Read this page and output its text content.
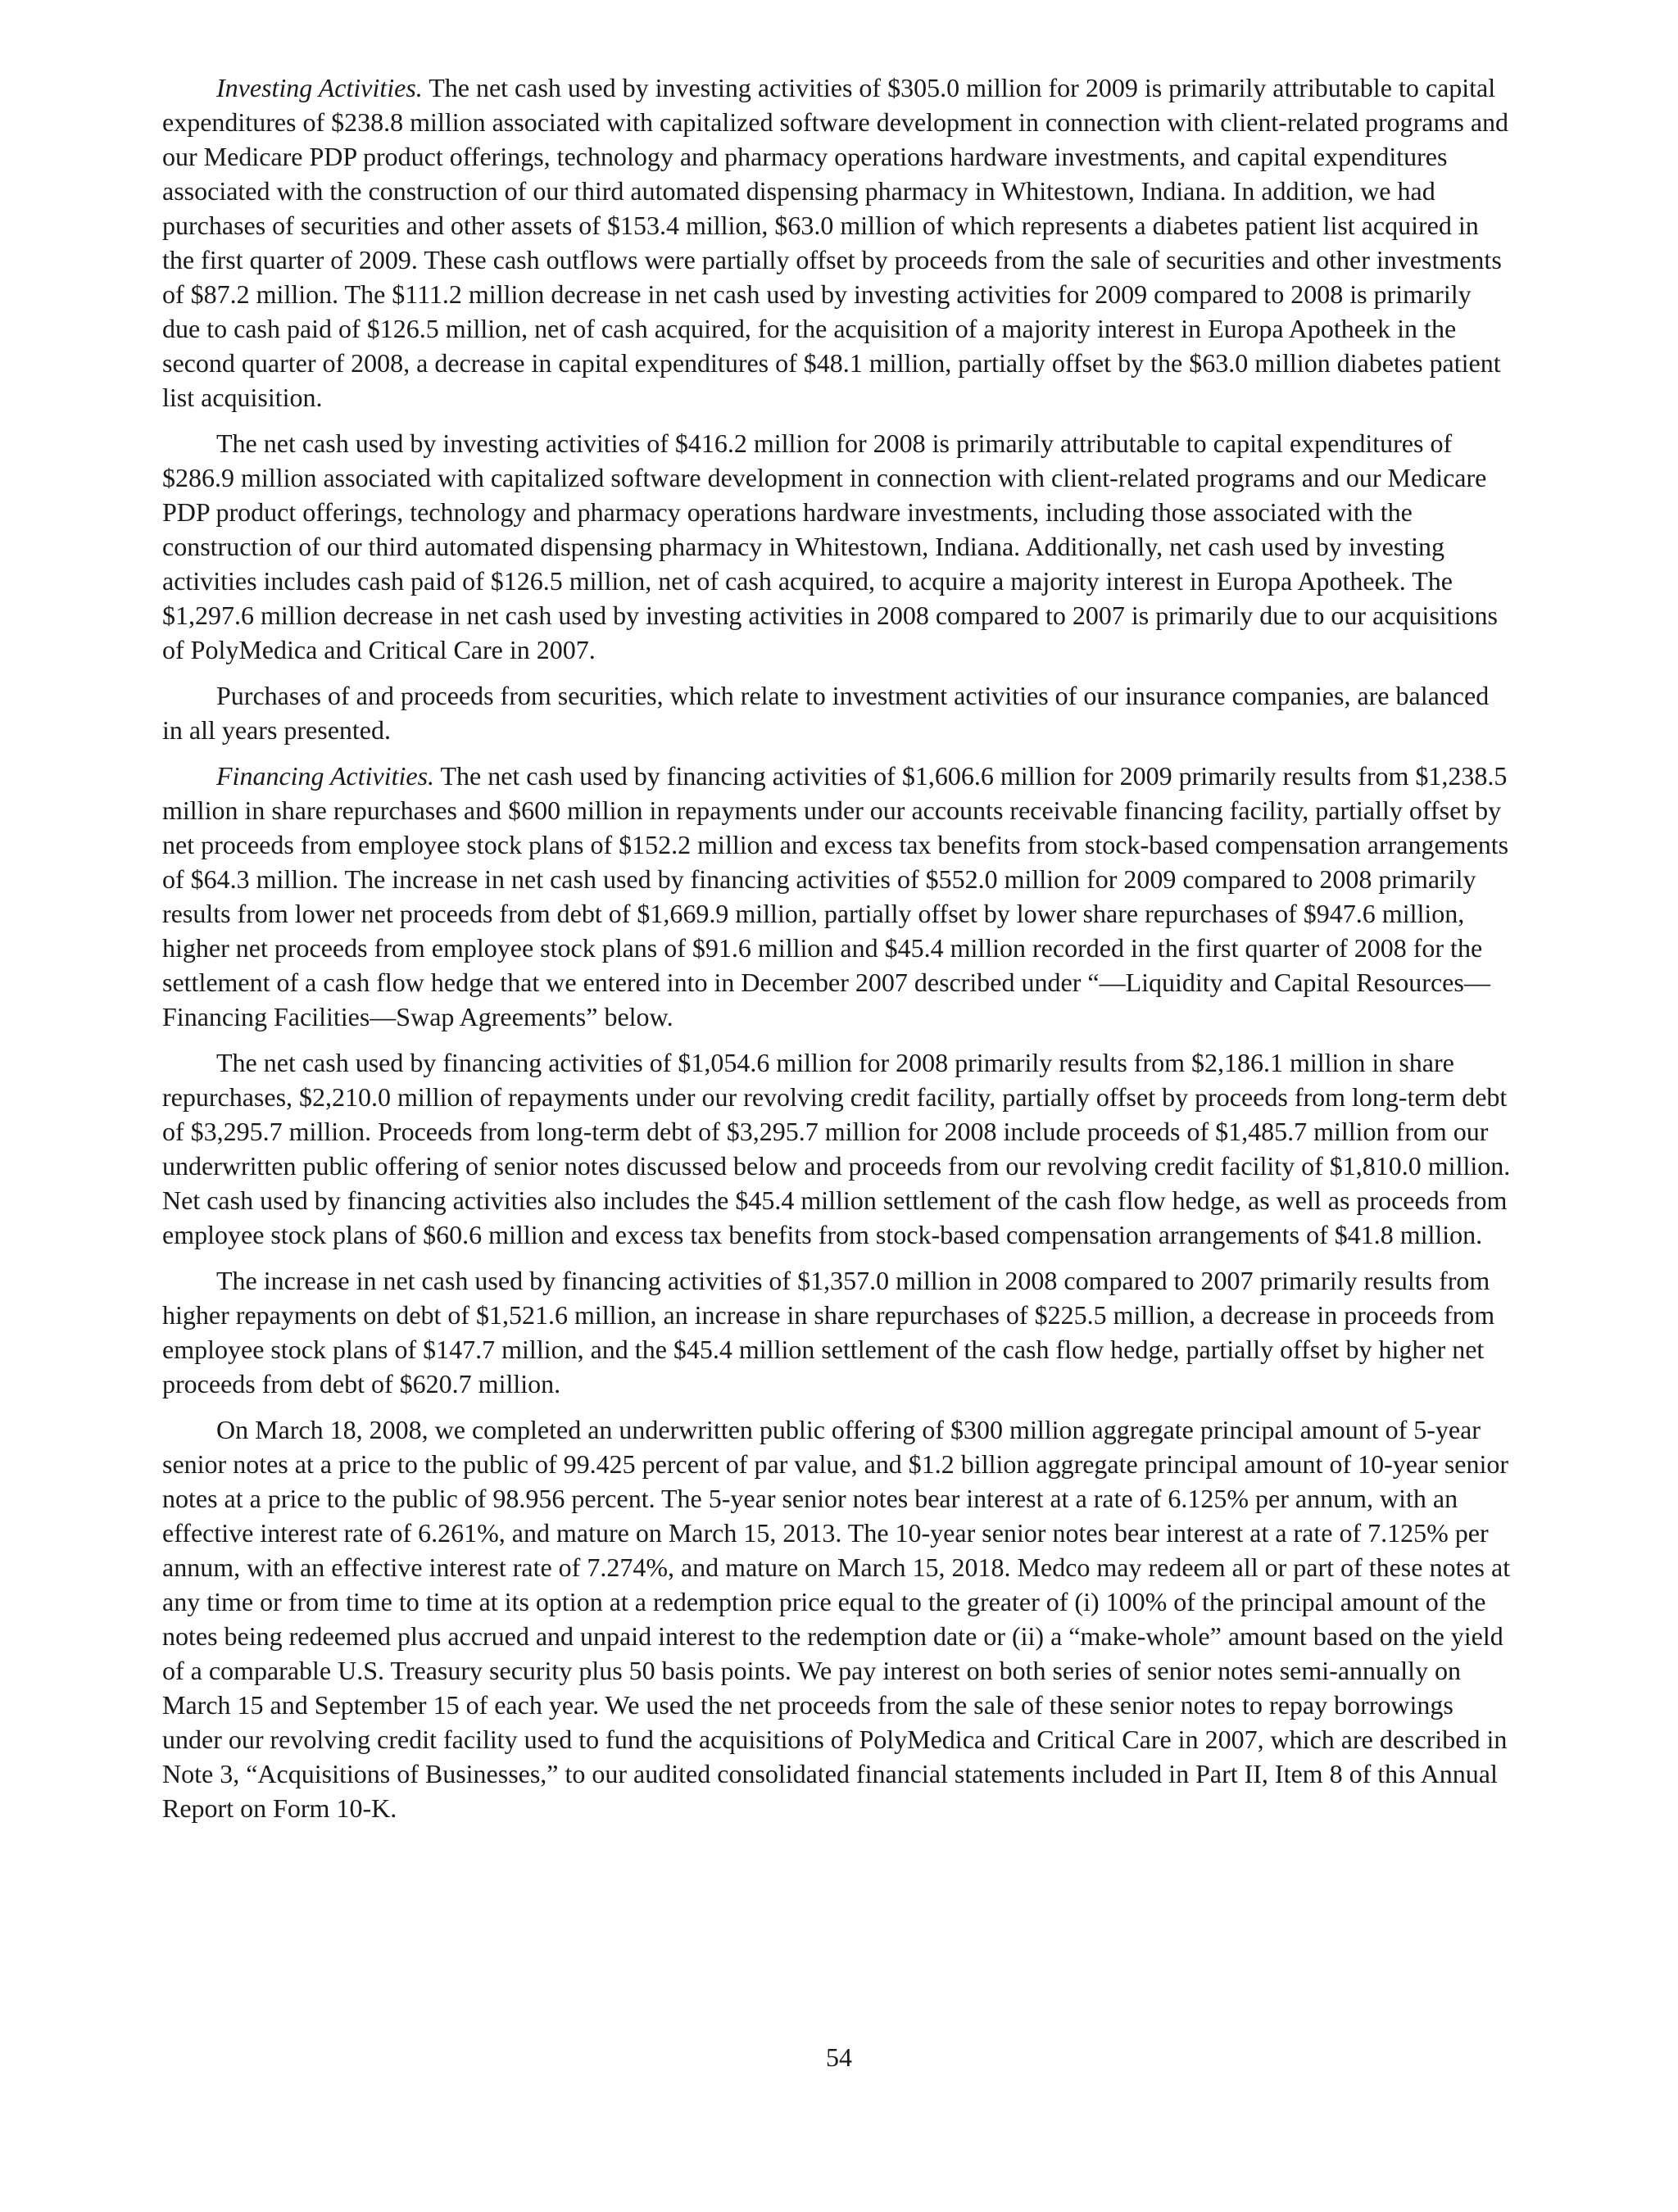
Investing Activities. The net cash used by investing activities of $305.0 million for 2009 is primarily attributable to capital expenditures of $238.8 million associated with capitalized software development in connection with client-related programs and our Medicare PDP product offerings, technology and pharmacy operations hardware investments, and capital expenditures associated with the construction of our third automated dispensing pharmacy in Whitestown, Indiana. In addition, we had purchases of securities and other assets of $153.4 million, $63.0 million of which represents a diabetes patient list acquired in the first quarter of 2009. These cash outflows were partially offset by proceeds from the sale of securities and other investments of $87.2 million. The $111.2 million decrease in net cash used by investing activities for 2009 compared to 2008 is primarily due to cash paid of $126.5 million, net of cash acquired, for the acquisition of a majority interest in Europa Apotheek in the second quarter of 2008, a decrease in capital expenditures of $48.1 million, partially offset by the $63.0 million diabetes patient list acquisition.

The net cash used by investing activities of $416.2 million for 2008 is primarily attributable to capital expenditures of $286.9 million associated with capitalized software development in connection with client-related programs and our Medicare PDP product offerings, technology and pharmacy operations hardware investments, including those associated with the construction of our third automated dispensing pharmacy in Whitestown, Indiana. Additionally, net cash used by investing activities includes cash paid of $126.5 million, net of cash acquired, to acquire a majority interest in Europa Apotheek. The $1,297.6 million decrease in net cash used by investing activities in 2008 compared to 2007 is primarily due to our acquisitions of PolyMedica and Critical Care in 2007.

Purchases of and proceeds from securities, which relate to investment activities of our insurance companies, are balanced in all years presented.

Financing Activities. The net cash used by financing activities of $1,606.6 million for 2009 primarily results from $1,238.5 million in share repurchases and $600 million in repayments under our accounts receivable financing facility, partially offset by net proceeds from employee stock plans of $152.2 million and excess tax benefits from stock-based compensation arrangements of $64.3 million. The increase in net cash used by financing activities of $552.0 million for 2009 compared to 2008 primarily results from lower net proceeds from debt of $1,669.9 million, partially offset by lower share repurchases of $947.6 million, higher net proceeds from employee stock plans of $91.6 million and $45.4 million recorded in the first quarter of 2008 for the settlement of a cash flow hedge that we entered into in December 2007 described under “—Liquidity and Capital Resources—Financing Facilities—Swap Agreements” below.

The net cash used by financing activities of $1,054.6 million for 2008 primarily results from $2,186.1 million in share repurchases, $2,210.0 million of repayments under our revolving credit facility, partially offset by proceeds from long-term debt of $3,295.7 million. Proceeds from long-term debt of $3,295.7 million for 2008 include proceeds of $1,485.7 million from our underwritten public offering of senior notes discussed below and proceeds from our revolving credit facility of $1,810.0 million. Net cash used by financing activities also includes the $45.4 million settlement of the cash flow hedge, as well as proceeds from employee stock plans of $60.6 million and excess tax benefits from stock-based compensation arrangements of $41.8 million.

The increase in net cash used by financing activities of $1,357.0 million in 2008 compared to 2007 primarily results from higher repayments on debt of $1,521.6 million, an increase in share repurchases of $225.5 million, a decrease in proceeds from employee stock plans of $147.7 million, and the $45.4 million settlement of the cash flow hedge, partially offset by higher net proceeds from debt of $620.7 million.

On March 18, 2008, we completed an underwritten public offering of $300 million aggregate principal amount of 5-year senior notes at a price to the public of 99.425 percent of par value, and $1.2 billion aggregate principal amount of 10-year senior notes at a price to the public of 98.956 percent. The 5-year senior notes bear interest at a rate of 6.125% per annum, with an effective interest rate of 6.261%, and mature on March 15, 2013. The 10-year senior notes bear interest at a rate of 7.125% per annum, with an effective interest rate of 7.274%, and mature on March 15, 2018. Medco may redeem all or part of these notes at any time or from time to time at its option at a redemption price equal to the greater of (i) 100% of the principal amount of the notes being redeemed plus accrued and unpaid interest to the redemption date or (ii) a “make-whole” amount based on the yield of a comparable U.S. Treasury security plus 50 basis points. We pay interest on both series of senior notes semi-annually on March 15 and September 15 of each year. We used the net proceeds from the sale of these senior notes to repay borrowings under our revolving credit facility used to fund the acquisitions of PolyMedica and Critical Care in 2007, which are described in Note 3, “Acquisitions of Businesses,” to our audited consolidated financial statements included in Part II, Item 8 of this Annual Report on Form 10-K.

54
